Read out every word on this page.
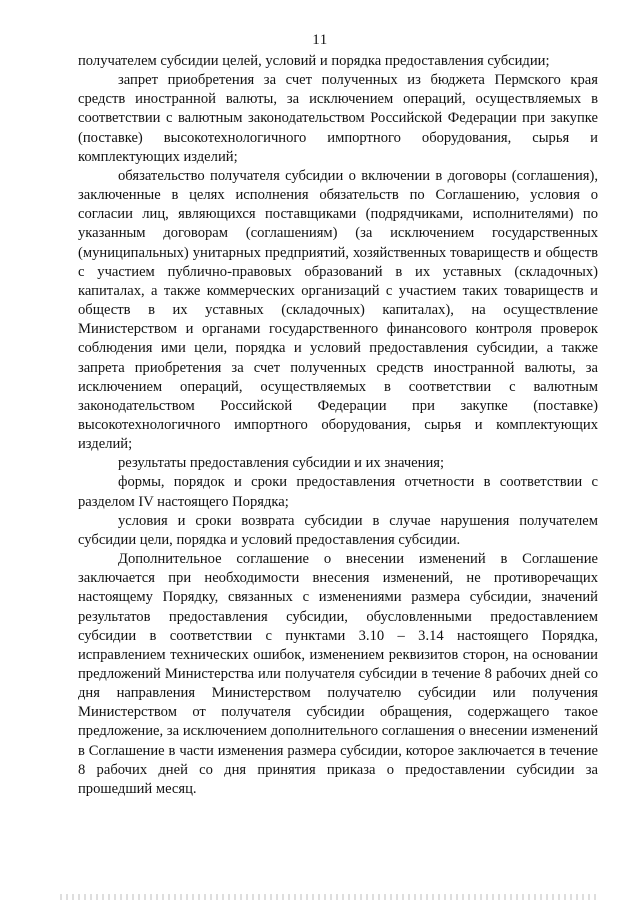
11

получателем субсидии целей, условий и порядка предоставления субсидии;

запрет приобретения за счет полученных из бюджета Пермского края средств иностранной валюты, за исключением операций, осуществляемых в соответствии с валютным законодательством Российской Федерации при закупке (поставке) высокотехнологичного импортного оборудования, сырья и комплектующих изделий;

обязательство получателя субсидии о включении в договоры (соглашения), заключенные в целях исполнения обязательств по Соглашению, условия о согласии лиц, являющихся поставщиками (подрядчиками, исполнителями) по указанным договорам (соглашениям) (за исключением государственных (муниципальных) унитарных предприятий, хозяйственных товариществ и обществ с участием публично-правовых образований в их уставных (складочных) капиталах, а также коммерческих организаций с участием таких товариществ и обществ в их уставных (складочных) капиталах), на осуществление Министерством и органами государственного финансового контроля проверок соблюдения ими цели, порядка и условий предоставления субсидии, а также запрета приобретения за счет полученных средств иностранной валюты, за исключением операций, осуществляемых в соответствии с валютным законодательством Российской Федерации при закупке (поставке) высокотехнологичного импортного оборудования, сырья и комплектующих изделий;

результаты предоставления субсидии и их значения;

формы, порядок и сроки предоставления отчетности в соответствии с разделом IV настоящего Порядка;

условия и сроки возврата субсидии в случае нарушения получателем субсидии цели, порядка и условий предоставления субсидии.

Дополнительное соглашение о внесении изменений в Соглашение заключается при необходимости внесения изменений, не противоречащих настоящему Порядку, связанных с изменениями размера субсидии, значений результатов предоставления субсидии, обусловленными предоставлением субсидии в соответствии с пунктами 3.10 – 3.14 настоящего Порядка, исправлением технических ошибок, изменением реквизитов сторон, на основании предложений Министерства или получателя субсидии в течение 8 рабочих дней со дня направления Министерством получателю субсидии или получения Министерством от получателя субсидии обращения, содержащего такое предложение, за исключением дополнительного соглашения о внесении изменений в Соглашение в части изменения размера субсидии, которое заключается в течение 8 рабочих дней со дня принятия приказа о предоставлении субсидии за прошедший месяц.
